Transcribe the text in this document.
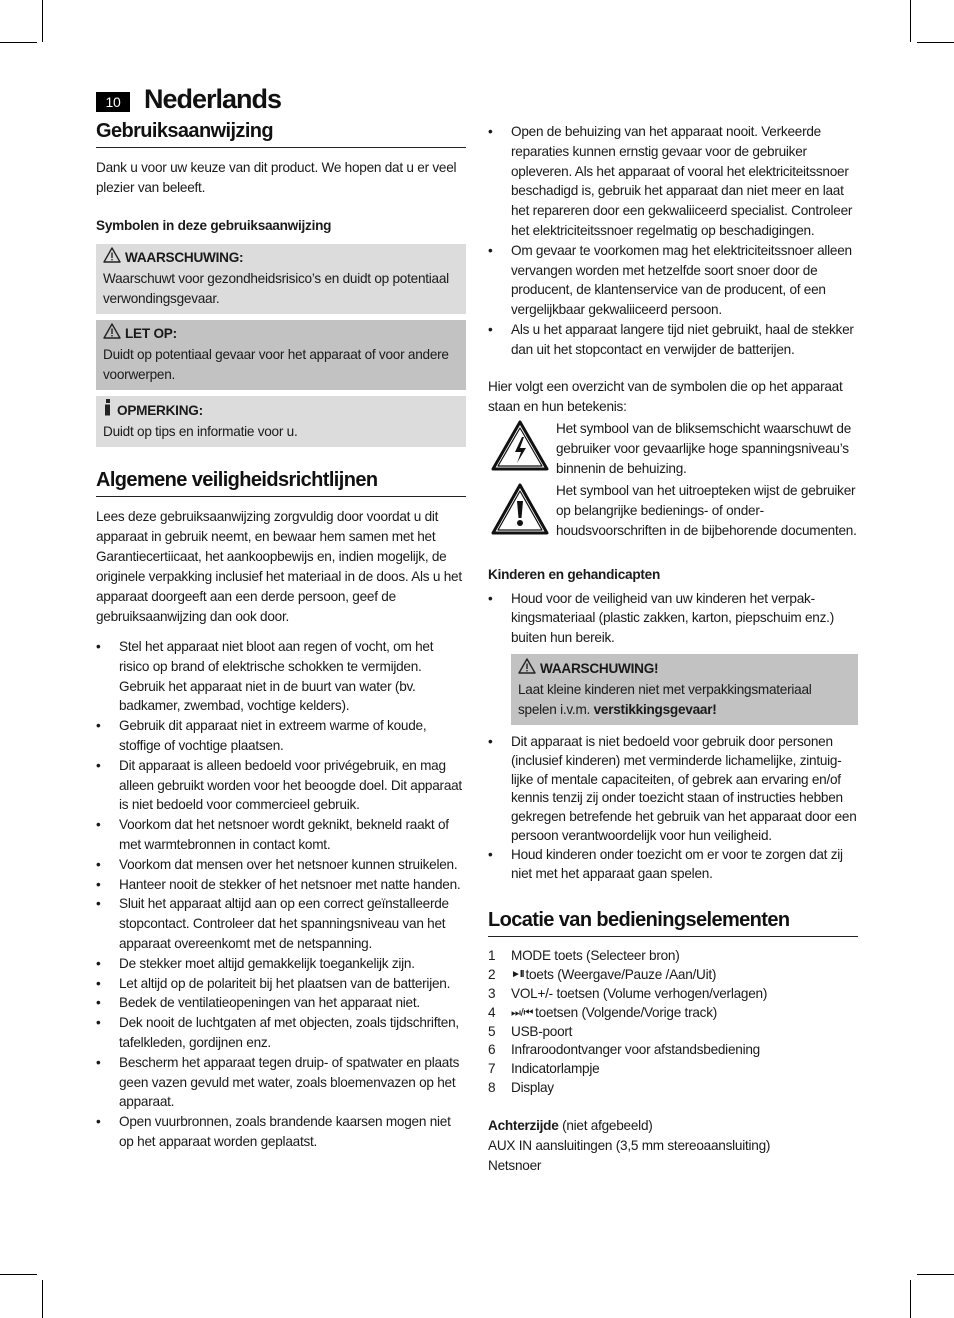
10 Nederlands
Gebruiksaanwijzing

Dank u voor uw keuze van dit product. We hopen dat u er veel plezier van beleeft.

Symbolen in deze gebruiksaanwijzing

WAARSCHUWING:

Waarschuwt voor gezondheidsrisico’s en duidt op potentiaal verwondingsgevaar.

LET OP:

Duidt op potentiaal gevaar voor het apparaat of voor andere voorwerpen.

OPMERKING:

Duidt op tips en informatie voor u.

Algemene veiligheidsrichtlijnen

Lees deze gebruiksaanwijzing zorgvuldig door voordat u dit apparaat in gebruik neemt, en bewaar hem samen met het Garantiecertiicaat, het aankoopbewijs en, indien mogelijk, de originele verpakking inclusief het materiaal in de doos. Als u het apparaat doorgeeft aan een derde persoon, geef de gebruiksaanwijzing dan ook door.

• Stel het apparaat niet bloot aan regen of vocht, om het risico op brand of elektrische schokken te vermijden. Gebruik het apparaat niet in de buurt van water (bv. badkamer, zwembad, vochtige kelders).
• Gebruik dit apparaat niet in extreem warme of koude, stoffige of vochtige plaatsen.
• Dit apparaat is alleen bedoeld voor privégebruik, en mag alleen gebruikt worden voor het beoogde doel. Dit apparaat is niet bedoeld voor commercieel gebruik.
• Voorkom dat het netsnoer wordt geknikt, bekneld raakt of met warmtebronnen in contact komt.
• Voorkom dat mensen over het netsnoer kunnen struikelen.
• Hanteer nooit de stekker of het netsnoer met natte handen.
• Sluit het apparaat altijd aan op een correct geïnstalleerde stopcontact. Controleer dat het spanningsniveau van het apparaat overeenkomt met de netspanning.
• De stekker moet altijd gemakkelijk toegankelijk zijn.
• Let altijd op de polariteit bij het plaatsen van de batterijen.
• Bedek de ventilatieopeningen van het apparaat niet.
• Dek nooit de luchtgaten af met objecten, zoals tijdschriften, tafelkleden, gordijnen enz.
• Bescherm het apparaat tegen druip- of spatwater en plaats geen vazen gevuld met water, zoals bloemenvazen op het apparaat.
• Open vuurbronnen, zoals brandende kaarsen mogen niet op het apparaat worden geplaatst.
• Open de behuizing van het apparaat nooit. Verkeerde reparaties kunnen ernstig gevaar voor de gebruiker opleveren. Als het apparaat of vooral het elektriciteitssnoer beschadigd is, gebruik het apparaat dan niet meer en laat het repareren door een gekwaliiceerd specialist. Controleer het elektriciteitssnoer regelmatig op beschadigingen.
• Om gevaar te voorkomen mag het elektriciteitssnoer alleen vervangen worden met hetzelfde soort snoer door de producent, de klantenservice van de producent, of een vergelijkbaar gekwaliiceerd persoon.
• Als u het apparaat langere tijd niet gebruikt, haal de stekker dan uit het stopcontact en verwijder de batterijen.

Hier volgt een overzicht van de symbolen die op het apparaat staan en hun betekenis:

Het symbool van de bliksemschicht waarschuwt de gebruiker voor gevaarlijke hoge spanningsniveau’s binnenin de behuizing.

Het symbool van het uitroepteken wijst de gebruiker op belangrijke bedienings- of onderhoudsvoorschriften in de bijbehorende documenten.

Kinderen en gehandicapten

• Houd voor de veiligheid van uw kinderen het verpakkingsmateriaal (plastic zakken, karton, piepschuim enz.) buiten hun bereik.
WAARSCHUWING!

Laat kleine kinderen niet met verpakkingsmateriaal spelen i.v.m. verstikkingsgevaar!

• Dit apparaat is niet bedoeld voor gebruik door personen (inclusief kinderen) met verminderde lichamelijke, zintuiglijke of mentale capaciteiten, of gebrek aan ervaring en/of kennis tenzij zij onder toezicht staan of instructies hebben gekregen betrefende het gebruik van het apparaat door een persoon verantwoordelijk voor hun veiligheid.
• Houd kinderen onder toezicht om er voor te zorgen dat zij niet met het apparaat gaan spelen.
Locatie van bedieningselementen
1	MODE toets (Selecteer bron)
2	►II toets (Weergave/Pauze /Aan/Uit)
3	VOL+/- toetsen (Volume verhogen/verlagen)
4	⏭/⏮ toetsen (Volgende/Vorige track)
5	USB-poort
6	Infraroodontvanger voor afstandsbediening
7	Indicatorlampje
8	Display

Achterzijde (niet afgebeeld)

AUX IN aansluitingen (3,5 mm stereoaansluiting)

Netsnoer
